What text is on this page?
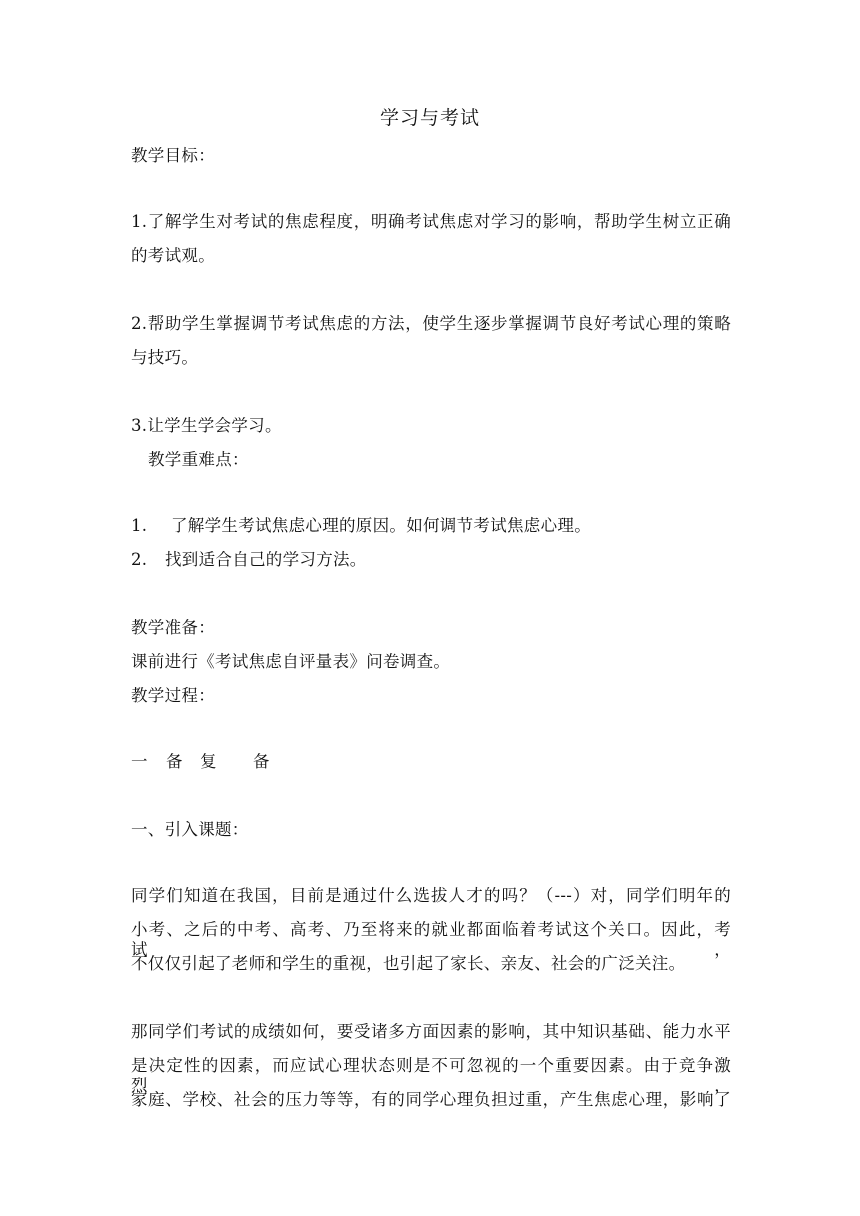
学习与考试
教学目标：
1.了解学生对考试的焦虑程度，明确考试焦虑对学习的影响，帮助学生树立正确
的考试观。
2.帮助学生掌握调节考试焦虑的方法，使学生逐步掌握调节良好考试心理的策略
与技巧。
3.让学生学会学习。
教学重难点：
1. 了解学生考试焦虑心理的原因。如何调节考试焦虑心理。
2. 找到适合自己的学习方法。
教学准备：
课前进行《考试焦虑自评量表》问卷调查。
教学过程：
一 备 复 备
一、引入课题：
同学们知道在我国，目前是通过什么选拔人才的吗？（---）对，同学们明年的
小考、之后的中考、高考、乃至将来的就业都面临着考试这个关口。因此，考试，
不仅仅引起了老师和学生的重视，也引起了家长、亲友、社会的广泛关注。
那同学们考试的成绩如何，要受诸多方面因素的影响，其中知识基础、能力水平
是决定性的因素，而应试心理状态则是不可忽视的一个重要因素。由于竞争激烈，
家庭、学校、社会的压力等等，有的同学心理负担过重，产生焦虑心理，影响了
